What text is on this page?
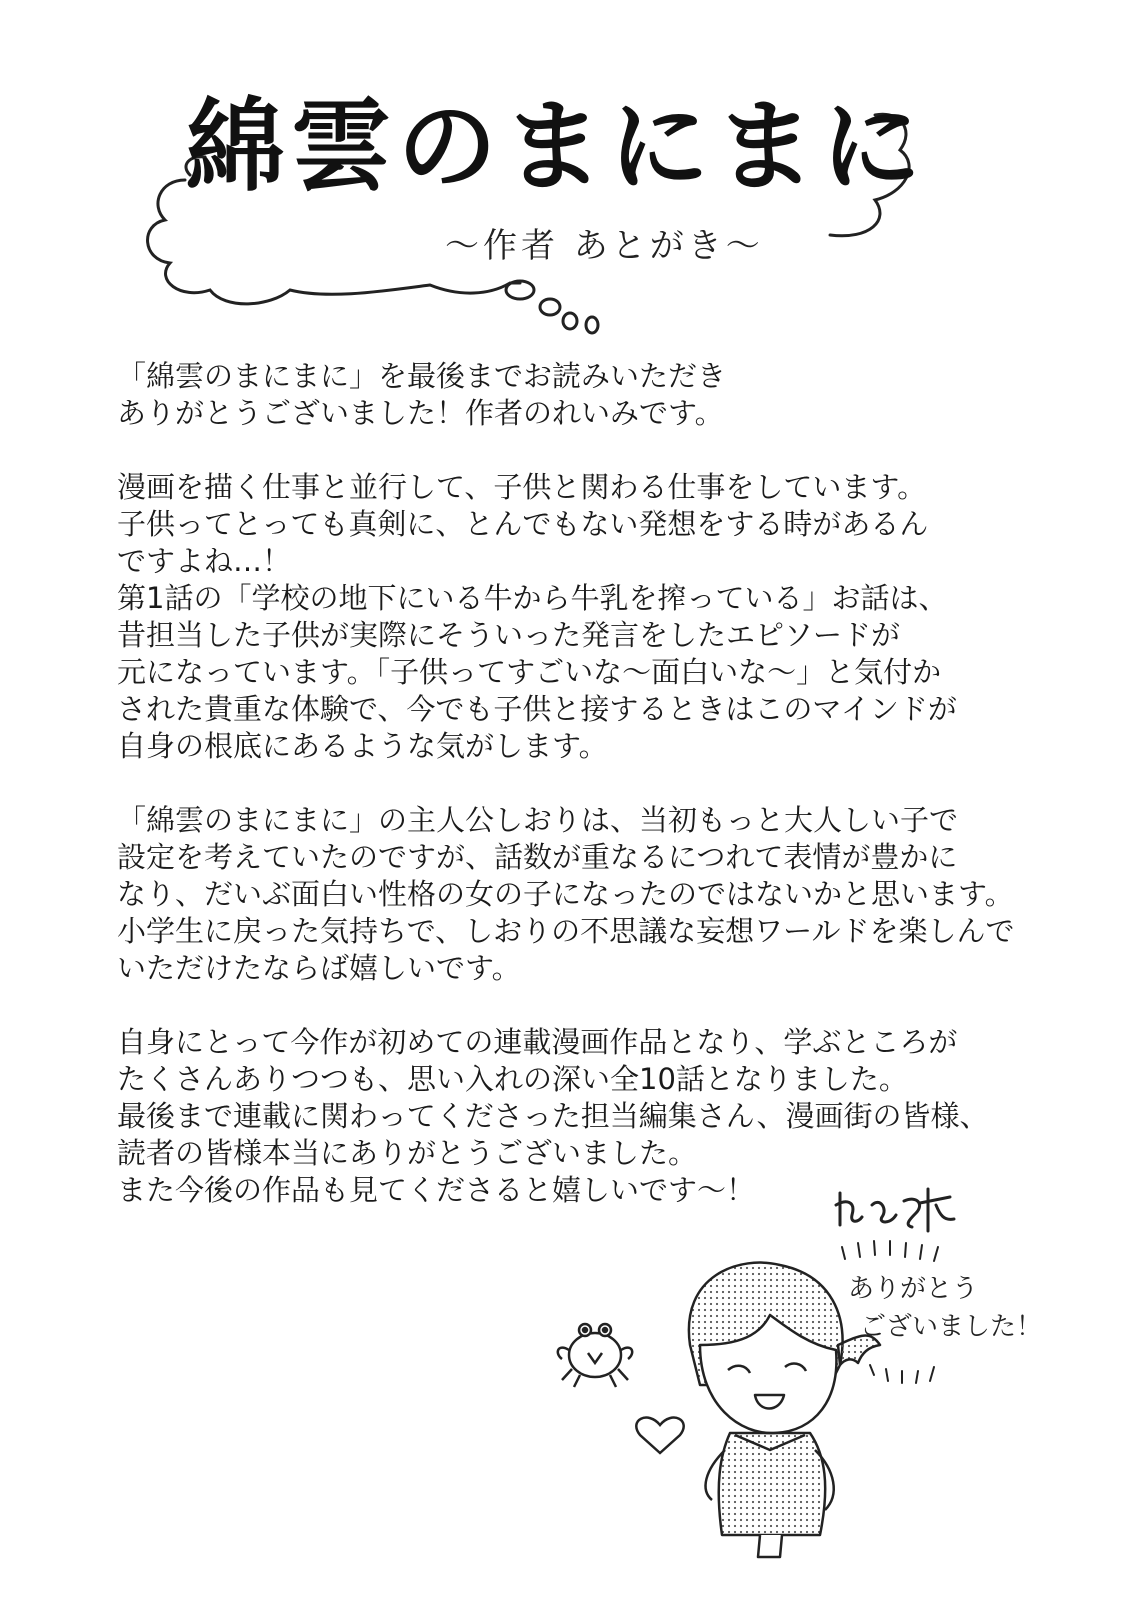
綿雲のまにまに
〜作者 あとがき〜

「綿雲のまにまに」を最後までお読みいただき
ありがとうございました！作者のれいみです。

漫画を描く仕事と並行して、子供と関わる仕事をしています。
子供ってとっても真剣に、とんでもない発想をする時があるん
ですよね…！
第1話の「学校の地下にいる牛から牛乳を搾っている」お話は、
昔担当した子供が実際にそういった発言をしたエピソードが
元になっています。「子供ってすごいな〜面白いな〜」と気付か
された貴重な体験で、今でも子供と接するときはこのマインドが
自身の根底にあるような気がします。

「綿雲のまにまに」の主人公しおりは、当初もっと大人しい子で
設定を考えていたのですが、話数が重なるにつれて表情が豊かに
なり、だいぶ面白い性格の女の子になったのではないかと思います。
小学生に戻った気持ちで、しおりの不思議な妄想ワールドを楽しんで
いただけたならば嬉しいです。

自身にとって今作が初めての連載漫画作品となり、学ぶところが
たくさんありつつも、思い入れの深い全10話となりました。
最後まで連載に関わってくださった担当編集さん、漫画街の皆様、
読者の皆様本当にありがとうございました。
また今後の作品も見てくださると嬉しいです〜！

ありがとう
ございました！
